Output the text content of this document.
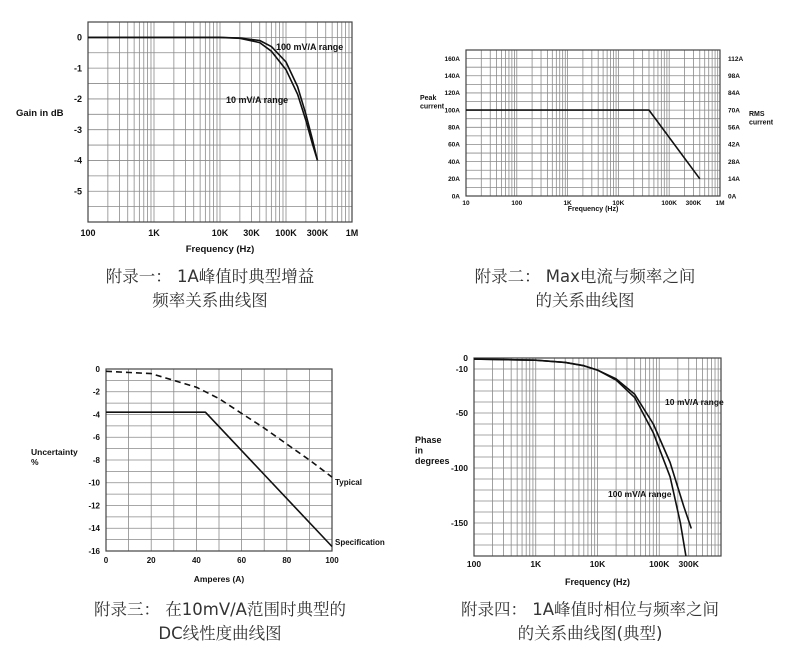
100	1K	10K 30K 100K 300K 1M
0
-1
-2
-3
-4
-5
Frequency (Hz)
Gain in dB
100 mV/A range
10 mV/A range
10	100	1K	10K	100K 300K 1M
0A
20A
40A
60A
80A
100A
120A
140A
160A
0A
14A
28A
42A
56A
70A
84A
98A
112A
Frequency (Hz)
Peak current
RMS current
0	20	40	60	80	100
0
-2
-4
-6
-8
-10
-12
-14
-16
Amperes (A)
Uncertainty %
Typical
Specification
100	1K	10K	100K 300K
0
-10
-50
-100
-150
Frequency (Hz)
Phase in degrees
10 mV/A range
100 mV/A range
附录一： 1A峰值时典型增益
频率关系曲线图
附录二： Max电流与频率之间
的关系曲线图
附录三： 在10mV/A范围时典型的
DC线性度曲线图
附录四： 1A峰值时相位与频率之间
的关系曲线图(典型)
